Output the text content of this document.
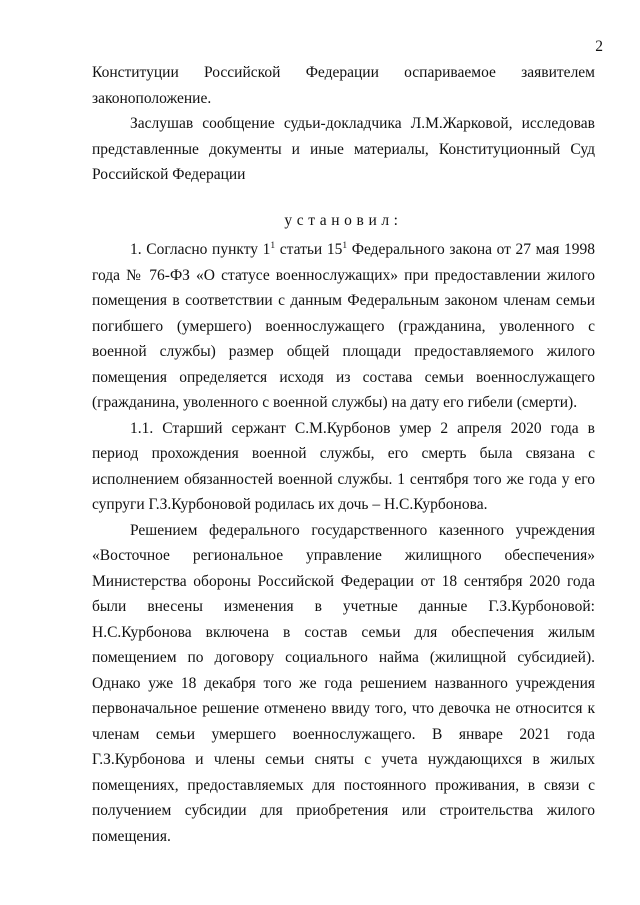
2

Конституции Российской Федерации оспариваемое заявителем законоположение.

Заслушав сообщение судьи-докладчика Л.М.Жарковой, исследовав представленные документы и иные материалы, Конституционный Суд Российской Федерации

установил:

1. Согласно пункту $1^1$ статьи $15^1$ Федерального закона от 27 мая 1998 года № 76-ФЗ «О статусе военнослужащих» при предоставлении жилого помещения в соответствии с данным Федеральным законом членам семьи погибшего (умершего) военнослужащего (гражданина, уволенного с военной службы) размер общей площади предоставляемого жилого помещения определяется исходя из состава семьи военнослужащего (гражданина, уволенного с военной службы) на дату его гибели (смерти).

1.1. Старший сержант С.М.Курбонов умер 2 апреля 2020 года в период прохождения военной службы, его смерть была связана с исполнением обязанностей военной службы. 1 сентября того же года у его супруги Г.З.Курбоновой родилась их дочь – Н.С.Курбонова.

Решением федерального государственного казенного учреждения «Восточное региональное управление жилищного обеспечения» Министерства обороны Российской Федерации от 18 сентября 2020 года были внесены изменения в учетные данные Г.З.Курбоновой: Н.С.Курбонова включена в состав семьи для обеспечения жилым помещением по договору социального найма (жилищной субсидией). Однако уже 18 декабря того же года решением названного учреждения первоначальное решение отменено ввиду того, что девочка не относится к членам семьи умершего военнослужащего. В январе 2021 года Г.З.Курбонова и члены семьи сняты с учета нуждающихся в жилых помещениях, предоставляемых для постоянного проживания, в связи с получением субсидии для приобретения или строительства жилого помещения.
